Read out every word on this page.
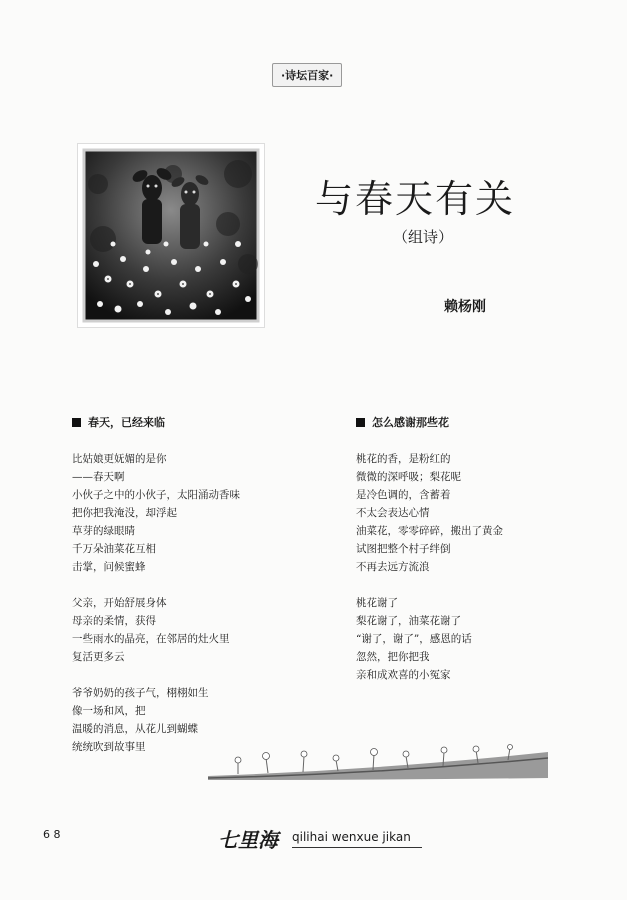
·诗坛百家·
与春天有关
（组诗）
赖杨刚
春天，已经来临
比姑娘更妩媚的是你
——春天啊
小伙子之中的小伙子，太阳涌动香味
把你把我淹没，却浮起
草芽的绿眼睛
千万朵油菜花互相
击掌，问候蜜蜂
父亲，开始舒展身体
母亲的柔情，获得
一些雨水的晶亮，在邻居的灶火里
复活更多云
爷爷奶奶的孩子气，栩栩如生
像一场和风，把
温暖的消息，从花儿到蝴蝶
统统吹到故事里
怎么感谢那些花
桃花的香，是粉红的
微微的深呼吸；梨花呢
是冷色调的，含蓄着
不太会表达心情
油菜花，零零碎碎，搬出了黄金
试图把整个村子绊倒
不再去远方流浪
桃花谢了
梨花谢了，油菜花谢了
“谢了，谢了”，感恩的话
忽然，把你把我
亲和成欢喜的小冤家
6 8	七里海 qilihai wenxue jikan
